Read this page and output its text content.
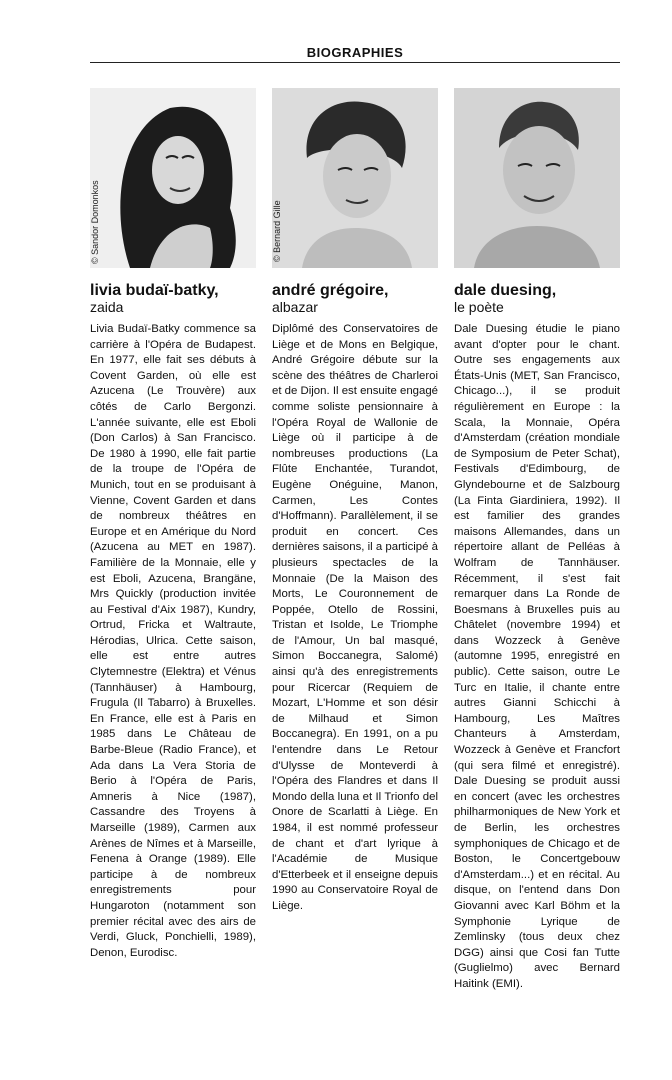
BIOGRAPHIES
© Sandor Domonkos
livia budaï-batky,
zaida
Livia Budaï-Batky commence sa carrière à l'Opéra de Budapest. En 1977, elle fait ses débuts à Covent Garden, où elle est Azucena (Le Trouvère) aux côtés de Carlo Bergonzi. L'année suivante, elle est Eboli (Don Carlos) à San Francisco. De 1980 à 1990, elle fait partie de la troupe de l'Opéra de Munich, tout en se produisant à Vienne, Covent Garden et dans de nombreux théâtres en Europe et en Amérique du Nord (Azucena au MET en 1987). Familière de la Monnaie, elle y est Eboli, Azucena, Brangäne, Mrs Quickly (production invitée au Festival d'Aix 1987), Kundry, Ortrud, Fricka et Waltraute, Hérodias, Ulrica. Cette saison, elle est entre autres Clytemnestre (Elektra) et Vénus (Tannhäuser) à Hambourg, Frugula (Il Tabarro) à Bruxelles. En France, elle est à Paris en 1985 dans Le Château de Barbe-Bleue (Radio France), et Ada dans La Vera Storia de Berio à l'Opéra de Paris, Amneris à Nice (1987), Cassandre des Troyens à Marseille (1989), Carmen aux Arènes de Nîmes et à Marseille, Fenena à Orange (1989). Elle participe à de nombreux enregistrements pour Hungaroton (notamment son premier récital avec des airs de Verdi, Gluck, Ponchielli, 1989), Denon, Eurodisc.
© Bernard Gille
andré grégoire,
albazar
Diplômé des Conservatoires de Liège et de Mons en Belgique, André Grégoire débute sur la scène des théâtres de Charleroi et de Dijon. Il est ensuite engagé comme soliste pensionnaire à l'Opéra Royal de Wallonie de Liège où il participe à de nombreuses productions (La Flûte Enchantée, Turandot, Eugène Onéguine, Manon, Carmen, Les Contes d'Hoffmann). Parallèlement, il se produit en concert. Ces dernières saisons, il a participé à plusieurs spectacles de la Monnaie (De la Maison des Morts, Le Couronnement de Poppée, Otello de Rossini, Tristan et Isolde, Le Triomphe de l'Amour, Un bal masqué, Simon Boccanegra, Salomé) ainsi qu'à des enregistrements pour Ricercar (Requiem de Mozart, L'Homme et son désir de Milhaud et Simon Boccanegra). En 1991, on a pu l'entendre dans Le Retour d'Ulysse de Monteverdi à l'Opéra des Flandres et dans Il Mondo della luna et Il Trionfo del Onore de Scarlatti à Liège. En 1984, il est nommé professeur de chant et d'art lyrique à l'Académie de Musique d'Etterbeek et il enseigne depuis 1990 au Conservatoire Royal de Liège.
dale duesing,
le poète
Dale Duesing étudie le piano avant d'opter pour le chant. Outre ses engagements aux États-Unis (MET, San Francisco, Chicago...), il se produit régulièrement en Europe : la Scala, la Monnaie, Opéra d'Amsterdam (création mondiale de Symposium de Peter Schat), Festivals d'Edimbourg, de Glyndebourne et de Salzbourg (La Finta Giardiniera, 1992). Il est familier des grandes maisons Allemandes, dans un répertoire allant de Pelléas à Wolfram de Tannhäuser. Récemment, il s'est fait remarquer dans La Ronde de Boesmans à Bruxelles puis au Châtelet (novembre 1994) et dans Wozzeck à Genève (automne 1995, enregistré en public). Cette saison, outre Le Turc en Italie, il chante entre autres Gianni Schicchi à Hambourg, Les Maîtres Chanteurs à Amsterdam, Wozzeck à Genève et Francfort (qui sera filmé et enregistré). Dale Duesing se produit aussi en concert (avec les orchestres philharmoniques de New York et de Berlin, les orchestres symphoniques de Chicago et de Boston, le Concertgebouw d'Amsterdam...) et en récital. Au disque, on l'entend dans Don Giovanni avec Karl Böhm et la Symphonie Lyrique de Zemlinsky (tous deux chez DGG) ainsi que Cosi fan Tutte (Guglielmo) avec Bernard Haitink (EMI).
